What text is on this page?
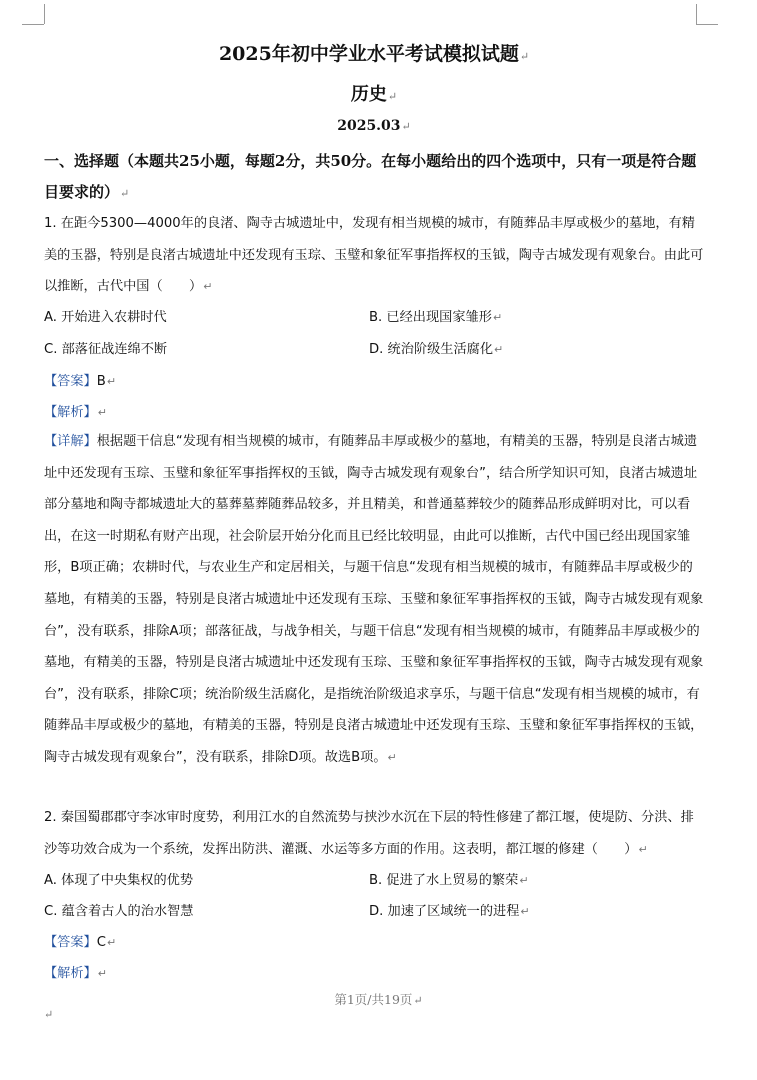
2025年初中学业水平考试模拟试题↵
历史↵
2025.03↵
一、选择题（本题共25小题，每题2分，共50分。在每小题给出的四个选项中，只有一项是符合题目要求的）↵
1. 在距今5300—4000年的良渚、陶寺古城遗址中，发现有相当规模的城市，有随葬品丰厚或极少的墓地，有精美的玉器，特别是良渚古城遗址中还发现有玉琮、玉璧和象征军事指挥权的玉钺，陶寺古城发现有观象台。由此可以推断，古代中国（　　）↵
A. 开始进入农耕时代	B. 已经出现国家雏形↵
C. 部落征战连绵不断	D. 统治阶级生活腐化↵
【答案】B↵
【解析】↵
【详解】根据题干信息“发现有相当规模的城市，有随葬品丰厚或极少的墓地，有精美的玉器，特别是良渚古城遗址中还发现有玉琮、玉璧和象征军事指挥权的玉钺，陶寺古城发现有观象台”，结合所学知识可知，良渚古城遗址部分墓地和陶寺都城遗址大的墓葬墓葬随葬品较多，并且精美，和普通墓葬较少的随葬品形成鲜明对比，可以看出，在这一时期私有财产出现，社会阶层开始分化而且已经比较明显，由此可以推断，古代中国已经出现国家雏形，B项正确；农耕时代，与农业生产和定居相关，与题干信息“发现有相当规模的城市，有随葬品丰厚或极少的墓地，有精美的玉器，特别是良渚古城遗址中还发现有玉琮、玉璧和象征军事指挥权的玉钺，陶寺古城发现有观象台”，没有联系，排除A项；部落征战，与战争相关，与题干信息“发现有相当规模的城市，有随葬品丰厚或极少的墓地，有精美的玉器，特别是良渚古城遗址中还发现有玉琮、玉璧和象征军事指挥权的玉钺，陶寺古城发现有观象台”，没有联系，排除C项；统治阶级生活腐化，是指统治阶级追求享乐，与题干信息“发现有相当规模的城市，有随葬品丰厚或极少的墓地，有精美的玉器，特别是良渚古城遗址中还发现有玉琮、玉璧和象征军事指挥权的玉钺，陶寺古城发现有观象台”，没有联系，排除D项。故选B项。↵
2. 秦国蜀郡郡守李冰审时度势，利用江水的自然流势与挟沙水沉在下层的特性修建了都江堰，使堤防、分洪、排沙等功效合成为一个系统，发挥出防洪、灌溉、水运等多方面的作用。这表明，都江堰的修建（　　）↵
A. 体现了中央集权的优势	B. 促进了水上贸易的繁荣↵
C. 蕴含着古人的治水智慧	D. 加速了区域统一的进程↵
【答案】C↵
【解析】↵
第1页/共19页↵
↵
